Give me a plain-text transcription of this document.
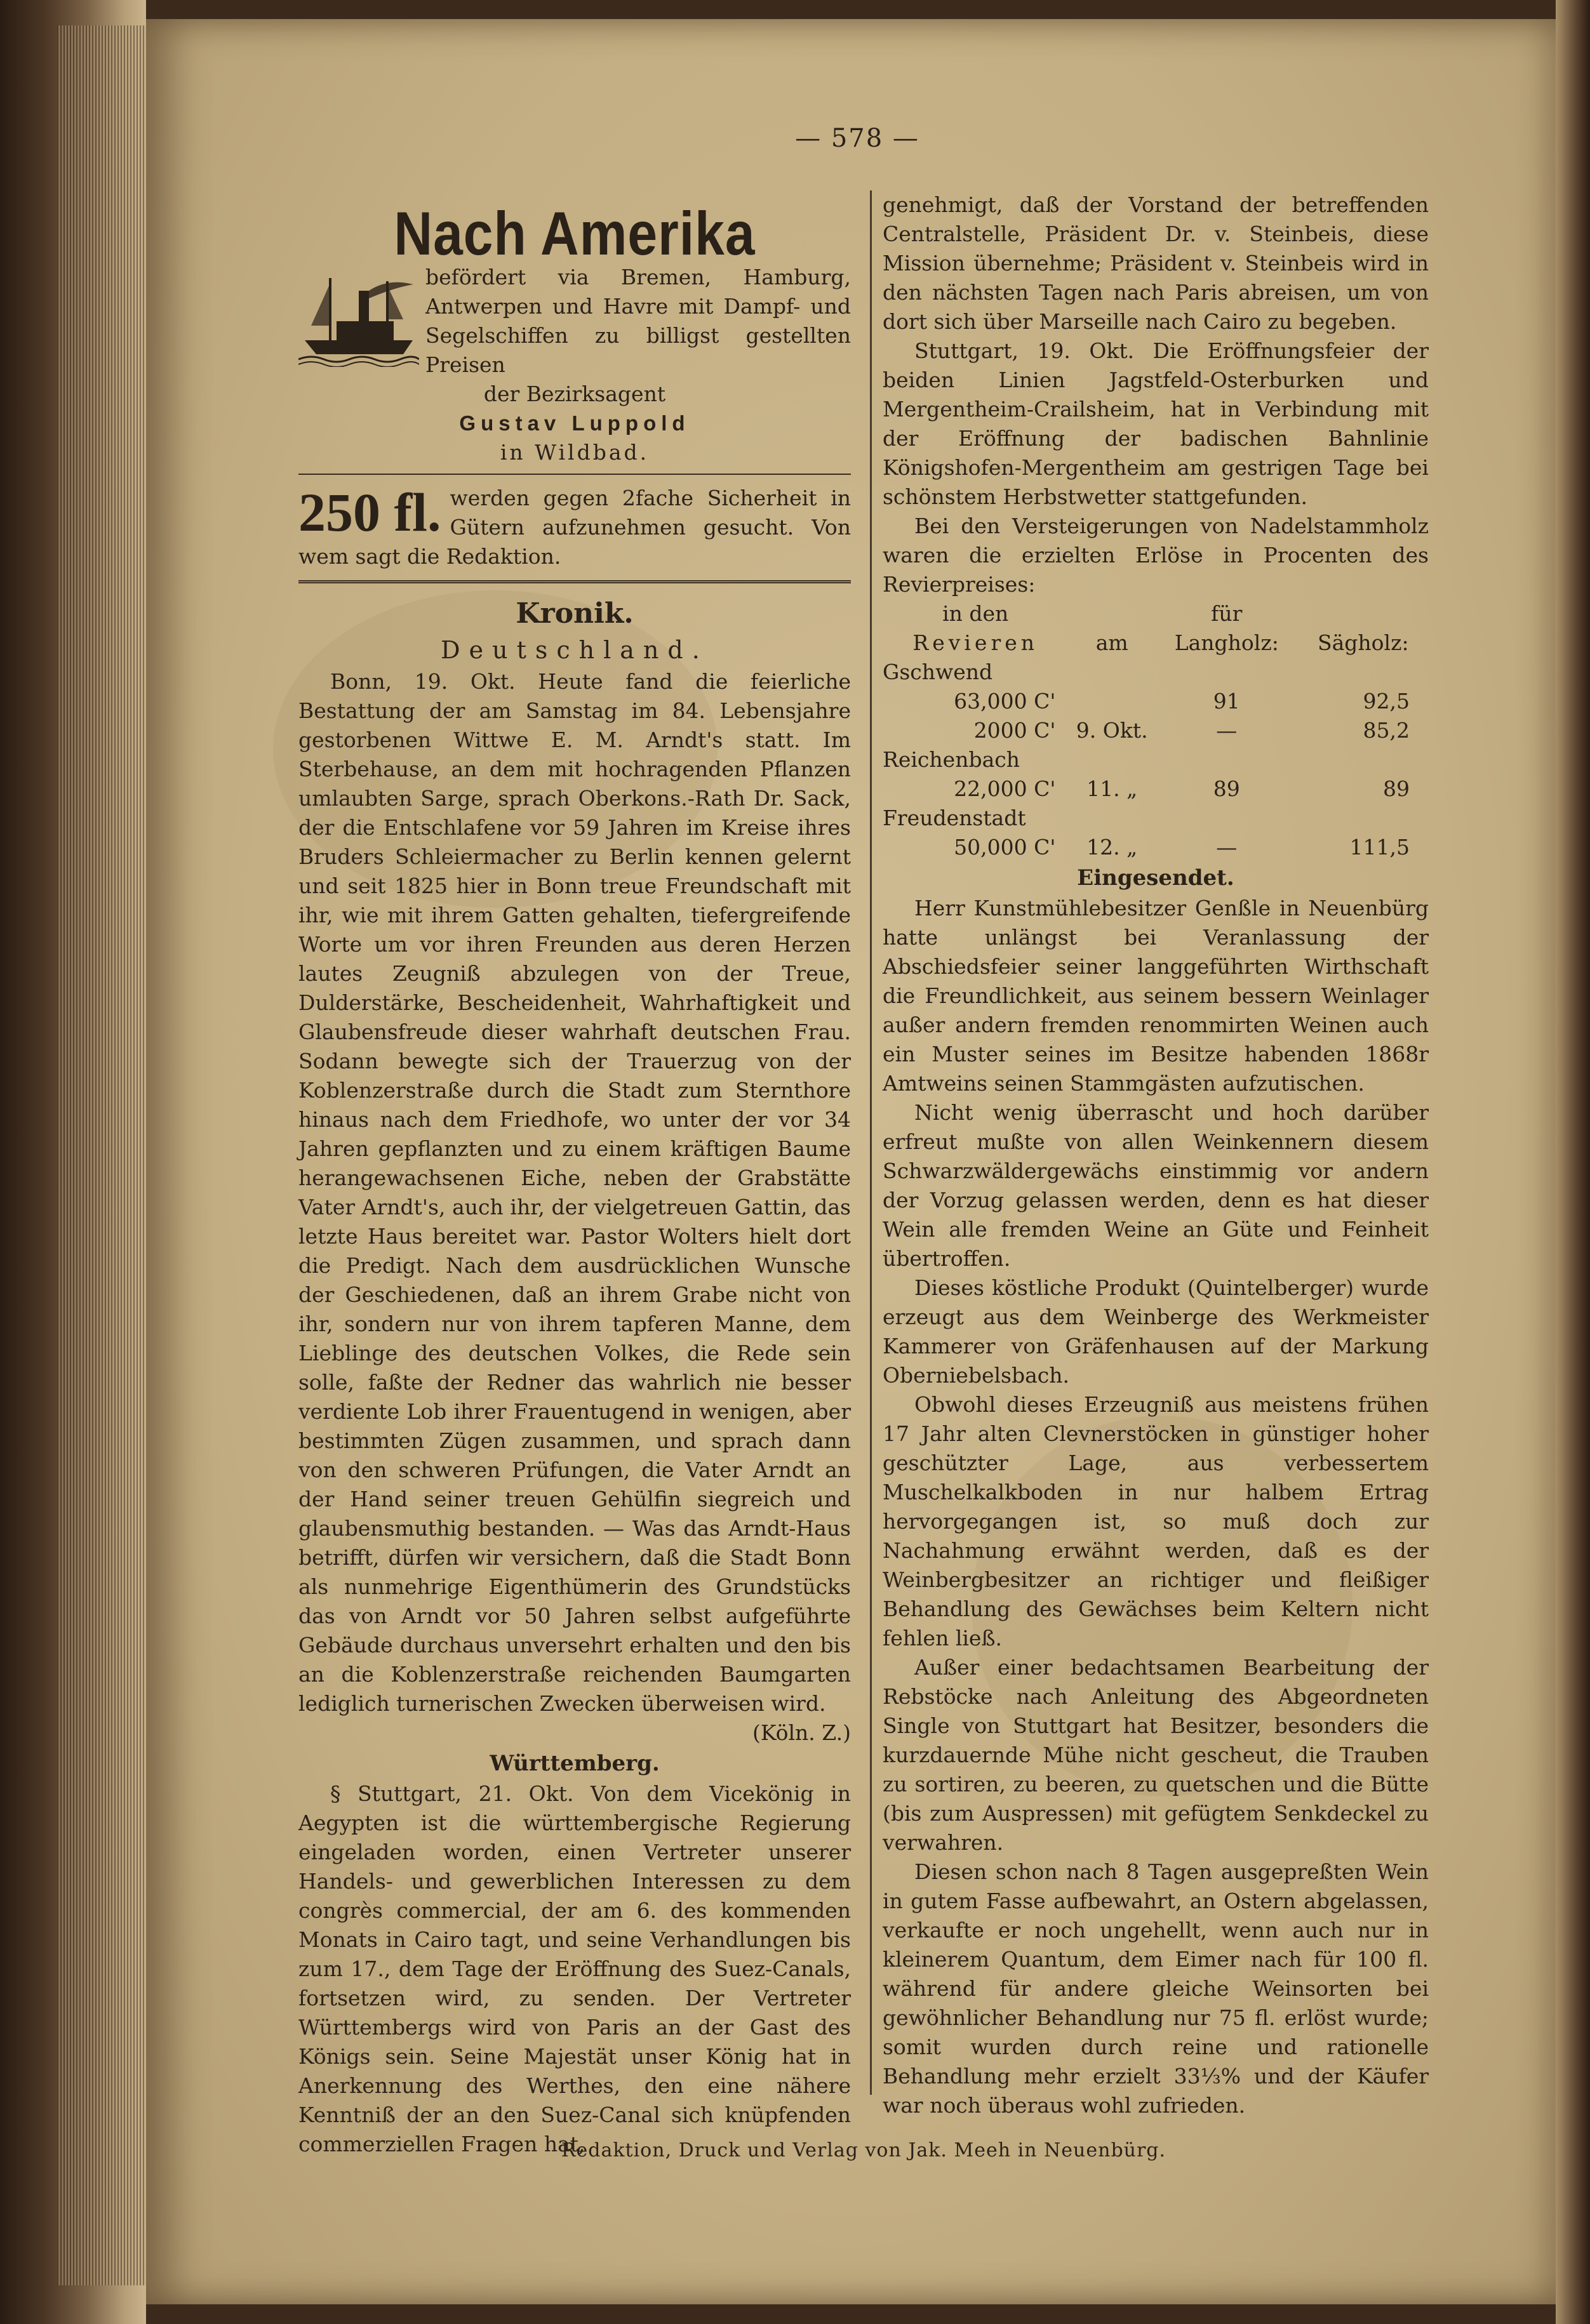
— 578 —
Nach Amerika
befördert via Bremen, Hamburg, Antwerpen und Havre mit Dampf- und Segelschiffen zu billigst gestellten Preisen
der Bezirksagent
Gustav Luppold
in Wildbad.
250 fl. werden gegen 2fache Sicherheit in Gütern aufzunehmen gesucht. Von wem sagt die Redaktion.
Kronik.
Deutschland.

Bonn, 19. Okt. Heute fand die feierliche Bestattung der am Samstag im 84. Lebensjahre gestorbenen Wittwe E. M. Arndt's statt. Im Sterbehause, an dem mit hochragenden Pflanzen umlaubten Sarge, sprach Oberkons.-Rath Dr. Sack, der die Entschlafene vor 59 Jahren im Kreise ihres Bruders Schleiermacher zu Berlin kennen gelernt und seit 1825 hier in Bonn treue Freundschaft mit ihr, wie mit ihrem Gatten gehalten, tiefergreifende Worte um vor ihren Freunden aus deren Herzen lautes Zeugniß abzulegen von der Treue, Dulderstärke, Bescheidenheit, Wahrhaftigkeit und Glaubensfreude dieser wahrhaft deutschen Frau. Sodann bewegte sich der Trauerzug von der Koblenzerstraße durch die Stadt zum Sternthore hinaus nach dem Friedhofe, wo unter der vor 34 Jahren gepflanzten und zu einem kräftigen Baume herangewachsenen Eiche, neben der Grabstätte Vater Arndt's, auch ihr, der vielgetreuen Gattin, das letzte Haus bereitet war. Pastor Wolters hielt dort die Predigt. Nach dem ausdrücklichen Wunsche der Geschiedenen, daß an ihrem Grabe nicht von ihr, sondern nur von ihrem tapferen Manne, dem Lieblinge des deutschen Volkes, die Rede sein solle, faßte der Redner das wahrlich nie besser verdiente Lob ihrer Frauentugend in wenigen, aber bestimmten Zügen zusammen, und sprach dann von den schweren Prüfungen, die Vater Arndt an der Hand seiner treuen Gehülfin siegreich und glaubensmuthig bestanden. — Was das Arndt-Haus betrifft, dürfen wir versichern, daß die Stadt Bonn als nunmehrige Eigenthümerin des Grundstücks das von Arndt vor 50 Jahren selbst aufgeführte Gebäude durchaus unversehrt erhalten und den bis an die Koblenzerstraße reichenden Baumgarten lediglich turnerischen Zwecken überweisen wird.

(Köln. Z.)

Württemberg.

§ Stuttgart, 21. Okt. Von dem Vicekönig in Aegypten ist die württembergische Regierung eingeladen worden, einen Vertreter unserer Handels- und gewerblichen Interessen zu dem congrès commercial, der am 6. des kommenden Monats in Cairo tagt, und seine Verhandlungen bis zum 17., dem Tage der Eröffnung des Suez-Canals, fortsetzen wird, zu senden. Der Vertreter Württembergs wird von Paris an der Gast des Königs sein. Seine Majestät unser König hat in Anerkennung des Werthes, den eine nähere Kenntniß der an den Suez-Canal sich knüpfenden commerziellen Fragen hat,

genehmigt, daß der Vorstand der betreffenden Centralstelle, Präsident Dr. v. Steinbeis, diese Mission übernehme; Präsident v. Steinbeis wird in den nächsten Tagen nach Paris abreisen, um von dort sich über Marseille nach Cairo zu begeben.

Stuttgart, 19. Okt. Die Eröffnungsfeier der beiden Linien Jagstfeld-Osterburken und Mergentheim-Crailsheim, hat in Verbindung mit der Eröffnung der badischen Bahnlinie Königshofen-Mergentheim am gestrigen Tage bei schönstem Herbstwetter stattgefunden.

Bei den Versteigerungen von Nadelstammholz waren die erzielten Erlöse in Procenten des Revierpreises:

in den		für	
Revieren	am	Langholz:	Sägholz:
Gschwend			
63,000 C'		91	92,5
2000 C'	9. Okt.	—	85,2
Reichenbach			
22,000 C'	11. „	89	89
Freudenstadt			
50,000 C'	12. „	—	111,5
Eingesendet.

Herr Kunstmühlebesitzer Genßle in Neuenbürg hatte unlängst bei Veranlassung der Abschiedsfeier seiner langgeführten Wirthschaft die Freundlichkeit, aus seinem bessern Weinlager außer andern fremden renommirten Weinen auch ein Muster seines im Besitze habenden 1868r Amtweins seinen Stammgästen aufzutischen.

Nicht wenig überrascht und hoch darüber erfreut mußte von allen Weinkennern diesem Schwarzwäldergewächs einstimmig vor andern der Vorzug gelassen werden, denn es hat dieser Wein alle fremden Weine an Güte und Feinheit übertroffen.

Dieses köstliche Produkt (Quintelberger) wurde erzeugt aus dem Weinberge des Werkmeister Kammerer von Gräfenhausen auf der Markung Oberniebelsbach.

Obwohl dieses Erzeugniß aus meistens frühen 17 Jahr alten Clevnerstöcken in günstiger hoher geschützter Lage, aus verbessertem Muschelkalkboden in nur halbem Ertrag hervorgegangen ist, so muß doch zur Nachahmung erwähnt werden, daß es der Weinbergbesitzer an richtiger und fleißiger Behandlung des Gewächses beim Keltern nicht fehlen ließ.

Außer einer bedachtsamen Bearbeitung der Rebstöcke nach Anleitung des Abgeordneten Single von Stuttgart hat Besitzer, besonders die kurzdauernde Mühe nicht gescheut, die Trauben zu sortiren, zu beeren, zu quetschen und die Bütte (bis zum Auspressen) mit gefügtem Senkdeckel zu verwahren.

Diesen schon nach 8 Tagen ausgepreßten Wein in gutem Fasse aufbewahrt, an Ostern abgelassen, verkaufte er noch ungehellt, wenn auch nur in kleinerem Quantum, dem Eimer nach für 100 fl. während für andere gleiche Weinsorten bei gewöhnlicher Behandlung nur 75 fl. erlöst wurde; somit wurden durch reine und rationelle Behandlung mehr erzielt 33⅓% und der Käufer war noch überaus wohl zufrieden.

Redaktion, Druck und Verlag von Jak. Meeh in Neuenbürg.
